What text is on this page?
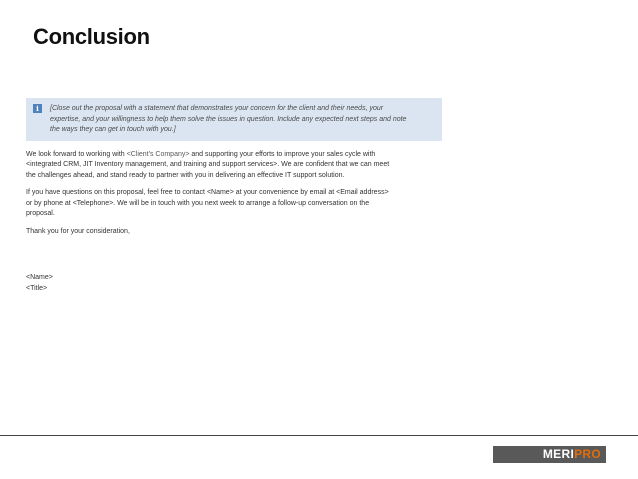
Conclusion
i	[Close out the proposal with a statement that demonstrates your concern for the client and their needs, your
expertise, and your willingness to help them solve the issues in question. Include any expected next steps and note
the ways they can get in touch with you.]
We look forward to working with <Client's Company> and supporting your efforts to improve your sales cycle with
<integrated CRM, JIT Inventory management, and training and support services>. We are confident that we can meet
the challenges ahead, and stand ready to partner with you in delivering an effective IT support solution.
If you have questions on this proposal, feel free to contact <Name> at your convenience by email at <Email address>
or by phone at <Telephone>. We will be in touch with you next week to arrange a follow-up conversation on the
proposal.
Thank you for your consideration,
<Name>
<Title>
MERIPRO
